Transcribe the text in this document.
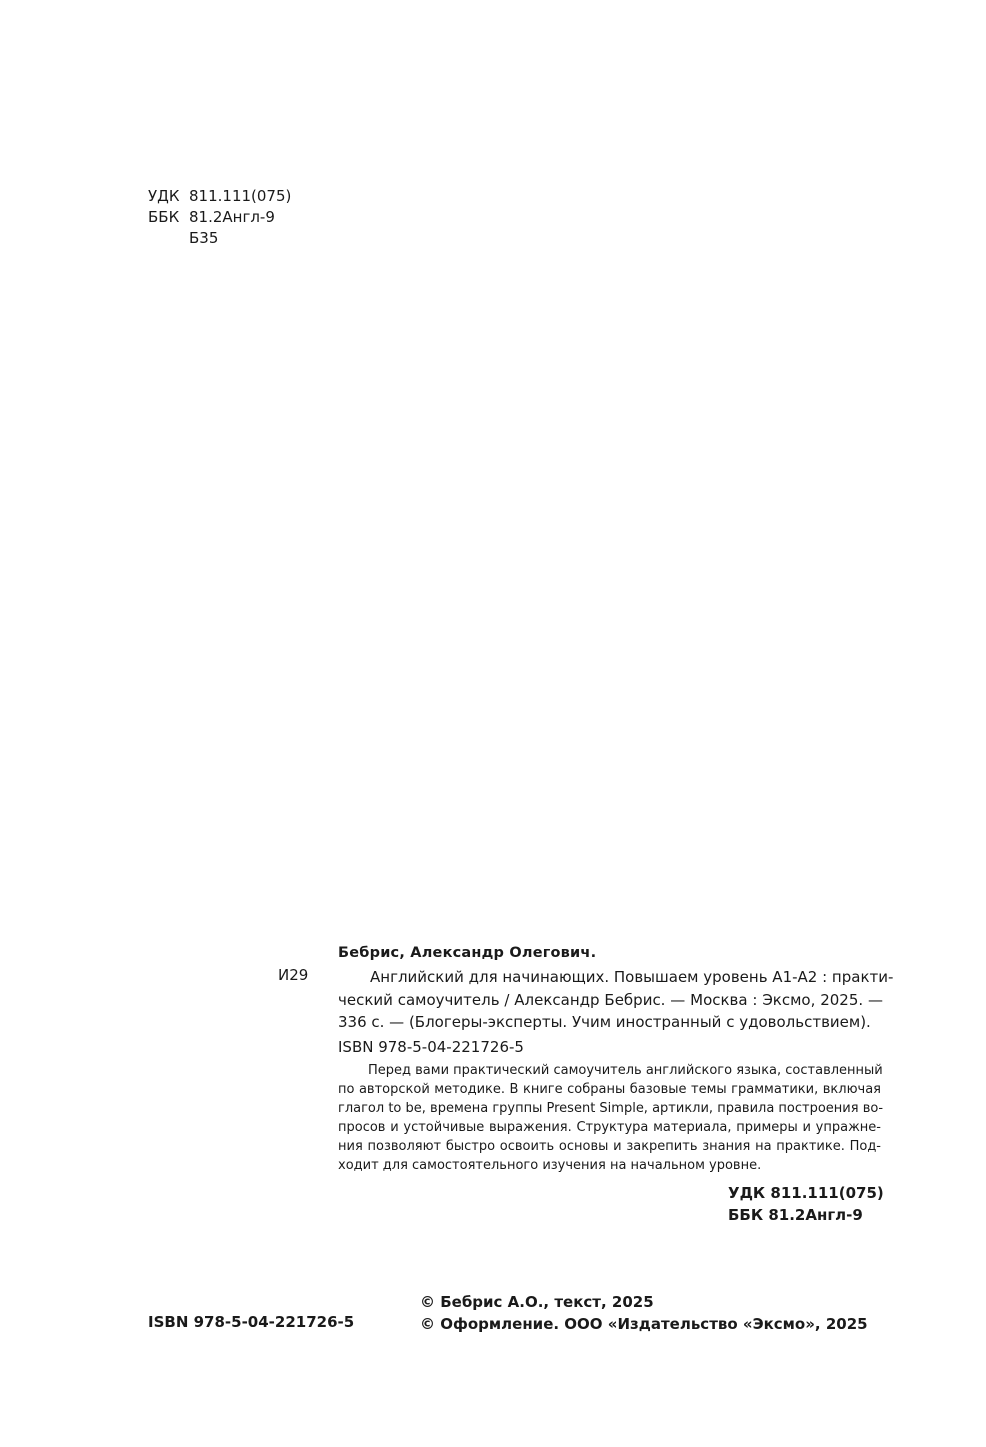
УДК 811.111(075)
ББК 81.2Англ-9
Б35
Бебрис, Александр Олегович.
И29	Английский для начинающих. Повышаем уровень А1-А2 : практи-
ческий самоучитель / Александр Бебрис. — Москва : Эксмо, 2025. —
336 с. — (Блогеры-эксперты. Учим иностранный с удовольствием).
ISBN 978-5-04-221726-5
Перед вами практический самоучитель английского языка, составленный
по авторской методике. В книге собраны базовые темы грамматики, включая
глагол to be, времена группы Present Simple, артикли, правила построения во-
просов и устойчивые выражения. Структура материала, примеры и упражне-
ния позволяют быстро освоить основы и закрепить знания на практике. Под-
ходит для самостоятельного изучения на начальном уровне.
УДК 811.111(075)
ББК 81.2Англ-9
© Бебрис А.О., текст, 2025
© Оформление. ООО «Издательство «Эксмо», 2025
ISBN 978-5-04-221726-5
